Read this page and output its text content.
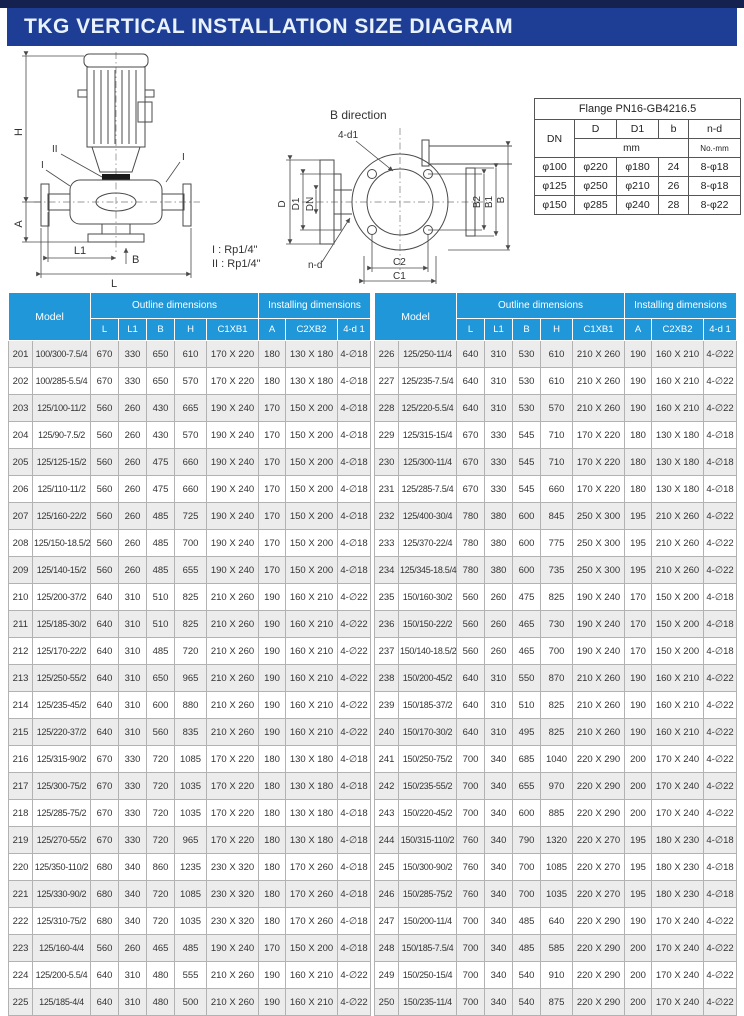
TKG VERTICAL INSTALLATION SIZE DIAGRAM
H
A
L1
L
B
II
I
I
B direction
D D1 DN	B2 B1 B
C2
C1
4-d1
n-d
I : Rp1/4"
II : Rp1/4"
Flange PN16-GB4216.5				
DN	D	D1	b	n-d
	mm			No.-mm
φ100	φ220	φ180	24	8-φ18
φ125	φ250	φ210	26	8-φ18
φ150	φ285	φ240	28	8-φ22
Model		Outline dimensions					Installing dimensions		
		L	L1	B	H	C1XB1	A	C2XB2	4-d 1
201	100/300-7.5/4	670	330	650	610	170 X 220	180	130 X 180	4-∅18
202	100/285-5.5/4	670	330	650	570	170 X 220	180	130 X 180	4-∅18
203	125/100-11/2	560	260	430	665	190 X 240	170	150 X 200	4-∅18
204	125/90-7.5/2	560	260	430	570	190 X 240	170	150 X 200	4-∅18
205	125/125-15/2	560	260	475	660	190 X 240	170	150 X 200	4-∅18
206	125/110-11/2	560	260	475	660	190 X 240	170	150 X 200	4-∅18
207	125/160-22/2	560	260	485	725	190 X 240	170	150 X 200	4-∅18
208	125/150-18.5/2	560	260	485	700	190 X 240	170	150 X 200	4-∅18
209	125/140-15/2	560	260	485	655	190 X 240	170	150 X 200	4-∅18
210	125/200-37/2	640	310	510	825	210 X 260	190	160 X 210	4-∅22
211	125/185-30/2	640	310	510	825	210 X 260	190	160 X 210	4-∅22
212	125/170-22/2	640	310	485	720	210 X 260	190	160 X 210	4-∅22
213	125/250-55/2	640	310	650	965	210 X 260	190	160 X 210	4-∅22
214	125/235-45/2	640	310	600	880	210 X 260	190	160 X 210	4-∅22
215	125/220-37/2	640	310	560	835	210 X 260	190	160 X 210	4-∅22
216	125/315-90/2	670	330	720	1085	170 X 220	180	130 X 180	4-∅18
217	125/300-75/2	670	330	720	1035	170 X 220	180	130 X 180	4-∅18
218	125/285-75/2	670	330	720	1035	170 X 220	180	130 X 180	4-∅18
219	125/270-55/2	670	330	720	965	170 X 220	180	130 X 180	4-∅18
220	125/350-110/2	680	340	860	1235	230 X 320	180	170 X 260	4-∅18
221	125/330-90/2	680	340	720	1085	230 X 320	180	170 X 260	4-∅18
222	125/310-75/2	680	340	720	1035	230 X 320	180	170 X 260	4-∅18
223	125/160-4/4	560	260	465	485	190 X 240	170	150 X 200	4-∅18
224	125/200-5.5/4	640	310	480	555	210 X 260	190	160 X 210	4-∅22
225	125/185-4/4	640	310	480	500	210 X 260	190	160 X 210	4-∅22
Model		Outline dimensions					Installing dimensions		
		L	L1	B	H	C1XB1	A	C2XB2	4-d 1
226	125/250-11/4	640	310	530	610	210 X 260	190	160 X 210	4-∅22
227	125/235-7.5/4	640	310	530	610	210 X 260	190	160 X 210	4-∅22
228	125/220-5.5/4	640	310	530	570	210 X 260	190	160 X 210	4-∅22
229	125/315-15/4	670	330	545	710	170 X 220	180	130 X 180	4-∅18
230	125/300-11/4	670	330	545	710	170 X 220	180	130 X 180	4-∅18
231	125/285-7.5/4	670	330	545	660	170 X 220	180	130 X 180	4-∅18
232	125/400-30/4	780	380	600	845	250 X 300	195	210 X 260	4-∅22
233	125/370-22/4	780	380	600	775	250 X 300	195	210 X 260	4-∅22
234	125/345-18.5/4	780	380	600	735	250 X 300	195	210 X 260	4-∅22
235	150/160-30/2	560	260	475	825	190 X 240	170	150 X 200	4-∅18
236	150/150-22/2	560	260	465	730	190 X 240	170	150 X 200	4-∅18
237	150/140-18.5/2	560	260	465	700	190 X 240	170	150 X 200	4-∅18
238	150/200-45/2	640	310	550	870	210 X 260	190	160 X 210	4-∅22
239	150/185-37/2	640	310	510	825	210 X 260	190	160 X 210	4-∅22
240	150/170-30/2	640	310	495	825	210 X 260	190	160 X 210	4-∅22
241	150/250-75/2	700	340	685	1040	220 X 290	200	170 X 240	4-∅22
242	150/235-55/2	700	340	655	970	220 X 290	200	170 X 240	4-∅22
243	150/220-45/2	700	340	600	885	220 X 290	200	170 X 240	4-∅22
244	150/315-110/2	760	340	790	1320	220 X 270	195	180 X 230	4-∅18
245	150/300-90/2	760	340	700	1085	220 X 270	195	180 X 230	4-∅18
246	150/285-75/2	760	340	700	1035	220 X 270	195	180 X 230	4-∅18
247	150/200-11/4	700	340	485	640	220 X 290	190	170 X 240	4-∅22
248	150/185-7.5/4	700	340	485	585	220 X 290	200	170 X 240	4-∅22
249	150/250-15/4	700	340	540	910	220 X 290	200	170 X 240	4-∅22
250	150/235-11/4	700	340	540	875	220 X 290	200	170 X 240	4-∅22
